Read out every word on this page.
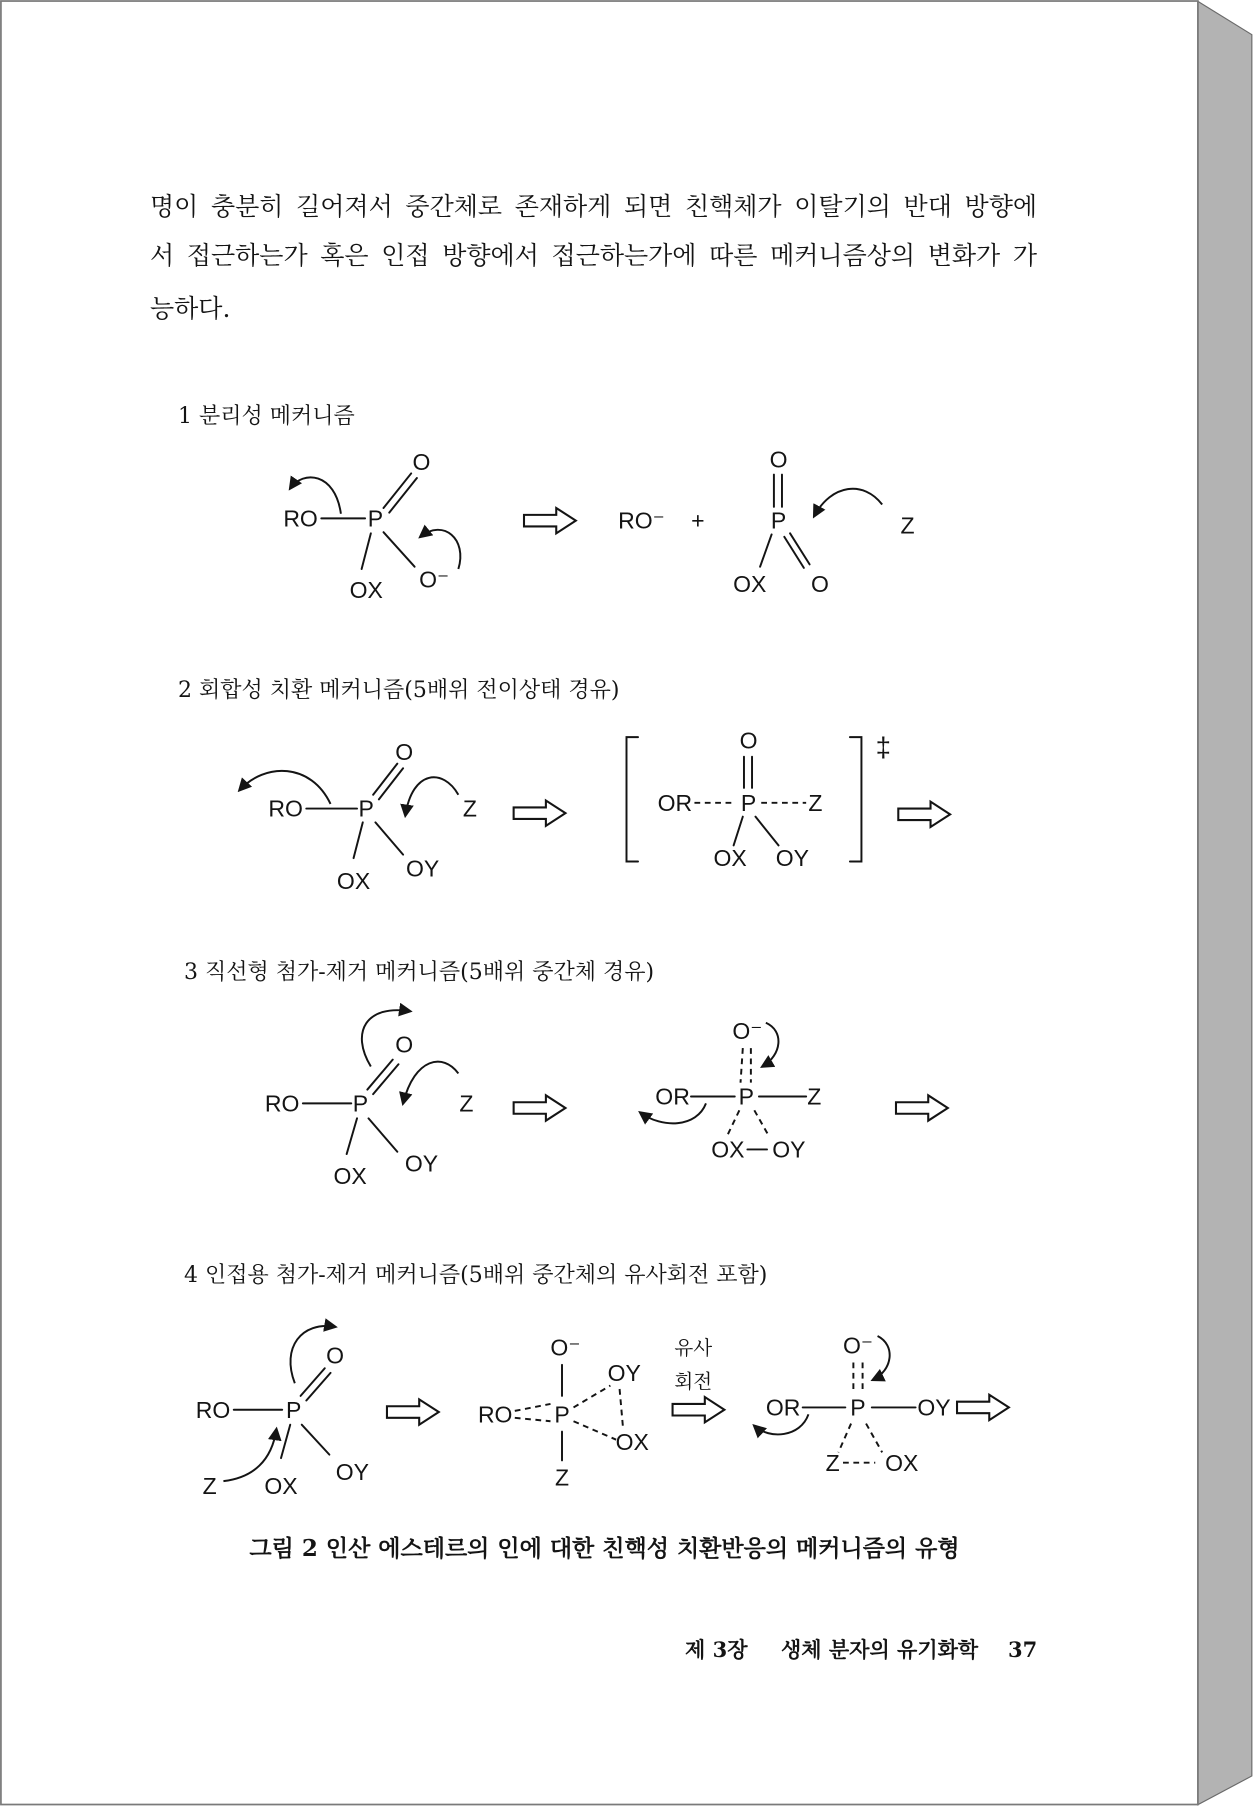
RO P
O
OX O⁻
RO⁻ +
O
P
OX O
Z
RO	P
O
OX OY
Z
‡
O
OR P	Z
OX OY
O
RO	P
OX OY
Z
O⁻
OR P	Z
OX OY
O
RO	P
Z OX
OY
O⁻
OY
RO P
OX
Z
유사
회전
O⁻
OR P	OY
Z OX
명이 충분히 길어져서 중간체로 존재하게 되면 친핵체가 이탈기의 반대 방향에
서 접근하는가 혹은 인접 방향에서 접근하는가에 따른 메커니즘상의 변화가 가
능하다.
1 분리성 메커니즘
2 회합성 치환 메커니즘(5배위 전이상태 경유)
3 직선형 첨가-제거 메커니즘(5배위 중간체 경유)
4 인접용 첨가-제거 메커니즘(5배위 중간체의 유사회전 포함)
그림 2 인산 에스테르의 인에 대한 친핵성 치환반응의 메커니즘의 유형
제 3장 생체 분자의 유기화학 37
